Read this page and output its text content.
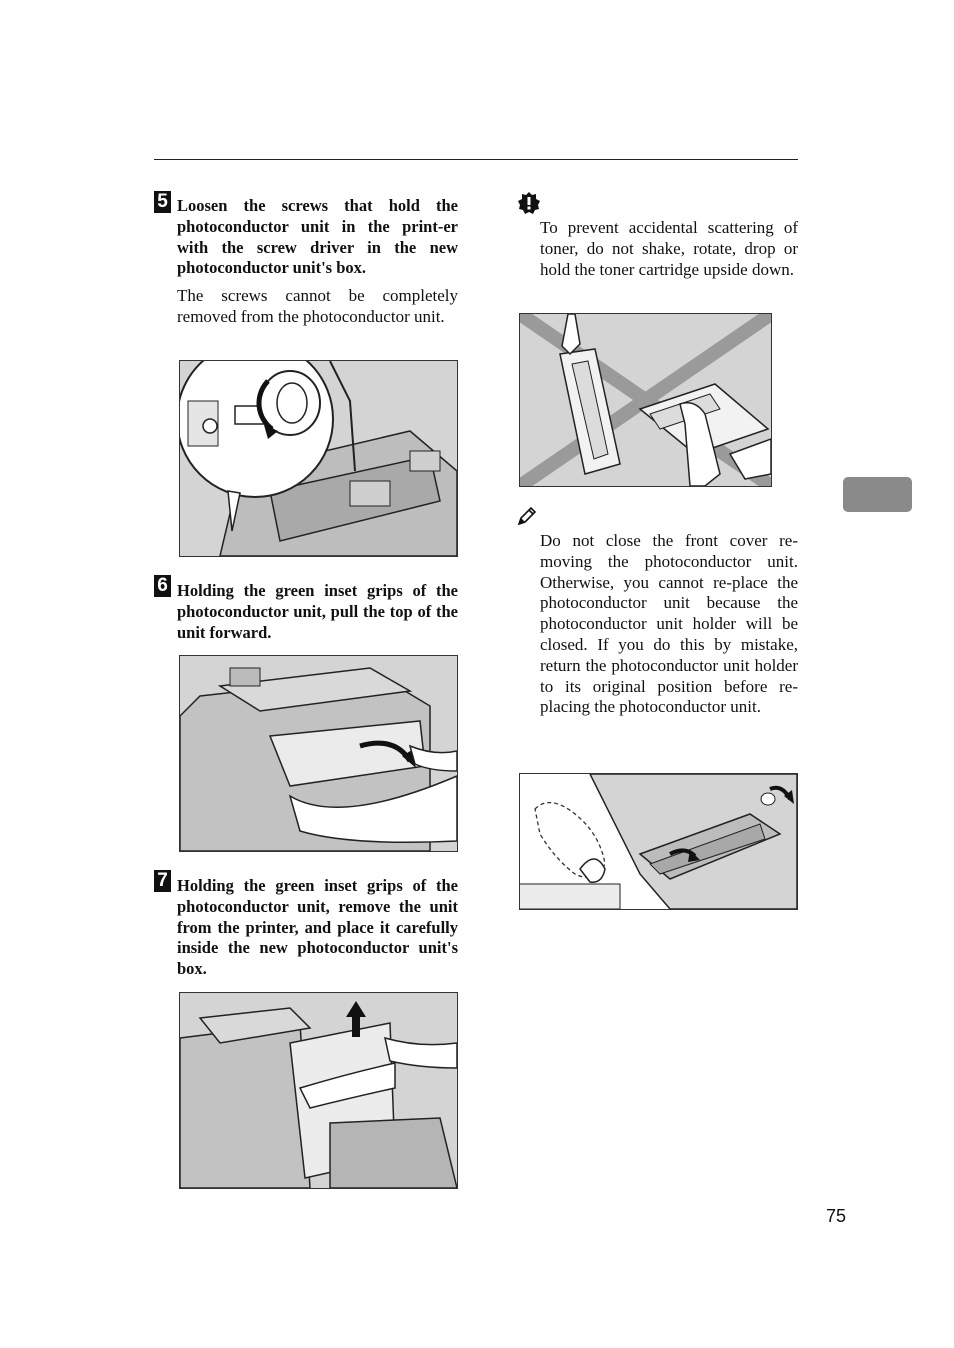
5 Loosen the screws that hold the photoconductor unit in the print-er with the screw driver in the new photoconductor unit's box.
The screws cannot be completely removed from the photoconductor unit.
6 Holding the green inset grips of the photoconductor unit, pull the top of the unit forward.
7 Holding the green inset grips of the photoconductor unit, remove the unit from the printer, and place it carefully inside the new photoconductor unit's box.
To prevent accidental scattering of toner, do not shake, rotate, drop or hold the toner cartridge upside down.
Do not close the front cover re-moving the photoconductor unit. Otherwise, you cannot re-place the photoconductor unit because the photoconductor unit holder will be closed. If you do this by mistake, return the photoconductor unit holder to its original position before re-placing the photoconductor unit.
75
